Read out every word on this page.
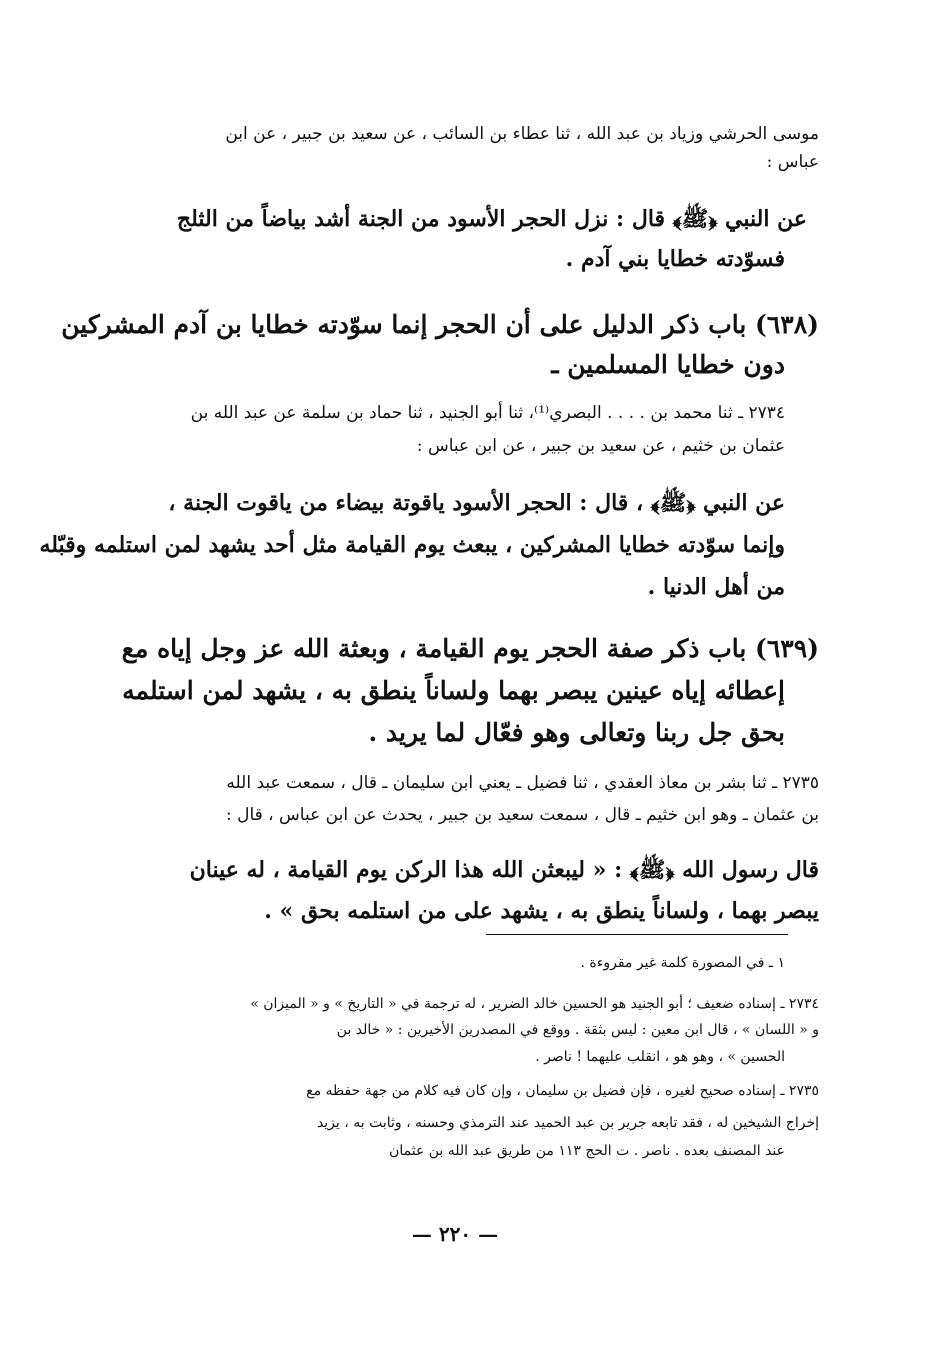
موسى الحرشي وزياد بن عبد الله ، ثنا عطاء بن السائب ، عن سعيد بن جبير ، عن ابن
عباس :
عن النبي ﴿ﷺ﴾ قال : نزل الحجر الأسود من الجنة أشد بياضاً من الثلج
فسوّدته خطايا بني آدم .
(٦٣٨) باب ذكر الدليل على أن الحجر إنما سوّدته خطايا بن آدم المشركين
دون خطايا المسلمين ـ
٢٧٣٤ ـ ثنا محمد بن . . . . البصري⁽¹⁾، ثنا أبو الجنيد ، ثنا حماد بن سلمة عن عبد الله بن
عثمان بن خثيم ، عن سعيد بن جبير ، عن ابن عباس :
عن النبي ﴿ﷺ﴾ ، قال : الحجر الأسود ياقوتة بيضاء من ياقوت الجنة ،
وإنما سوّدته خطايا المشركين ، يبعث يوم القيامة مثل أحد يشهد لمن استلمه وقبّله
من أهل الدنيا .
(٦٣٩) باب ذكر صفة الحجر يوم القيامة ، وبعثة الله عز وجل إياه مع
إعطائه إياه عينين يبصر بهما ولساناً ينطق به ، يشهد لمن استلمه
بحق جل ربنا وتعالى وهو فعّال لما يريد .
٢٧٣٥ ـ ثنا بشر بن معاذ العقدي ، ثنا فضيل ـ يعني ابن سليمان ـ قال ، سمعت عبد الله
بن عثمان ـ وهو ابن خثيم ـ قال ، سمعت سعيد بن جبير ، يحدث عن ابن عباس ، قال :
قال رسول الله ﴿ﷺ﴾ : « ليبعثن الله هذا الركن يوم القيامة ، له عينان
يبصر بهما ، ولساناً ينطق به ، يشهد على من استلمه بحق » .
١ ـ في المصورة كلمة غير مقروءة .
٢٧٣٤ ـ إسناده ضعيف ؛ أبو الجنيد هو الحسين خالد الضرير ، له ترجمة في « التاريخ » و « الميزان »
و « اللسان » ، قال ابن معين : ليس بثقة . ووقع في المصدرين الأخيرين : « خالد بن
الحسين » ، وهو هو ، انقلب عليهما ! ناصر .
٢٧٣٥ ـ إسناده صحيح لغيره ، فإن فضيل بن سليمان ، وإن كان فيه كلام من جهة حفظه مع
إخراج الشيخين له ، فقد تابعه جرير بن عبد الحميد عند الترمذي وحسنه ، وثابت به ، يزيد
عند المصنف بعده . ناصر . ت الحج ١١٣ من طريق عبد الله بن عثمان
— ٢٢٠ —
